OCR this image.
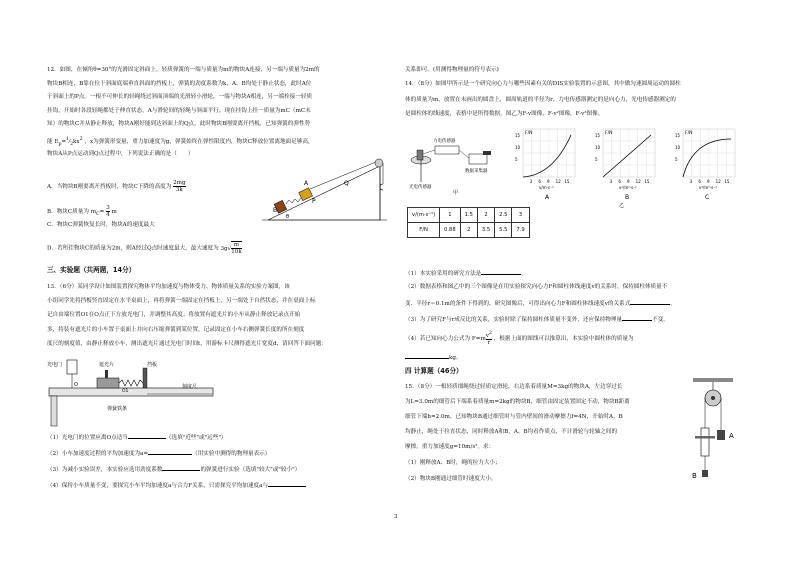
12．如图，在倾角θ=30°的光滑固定斜面上，轻质弹簧的一端与质量为m的物块A连接，另一端与质量为2m的

物块B相连，B靠在位于斜面底端垂直斜面的挡板上，弹簧的劲度系数为k，A、B均处于静止状态，此时A位

于斜面上的P点。一根不可伸长的轻绳绕过斜面顶端的光滑轻小滑轮，一端与物块A相连，另一端拴接一轻质

挂钩，开始时各段轻绳都处于伸直状态，A与滑轮间的轻绳与斜面平行，现在挂钩上挂一质量为mC（mC未

知）的物块C并从静止释放，物块A刚好能到达斜面上的Q点，此时物块B刚要离开挡板，已知弹簧的弹性势

能 $E_p=^1⁄_2kx^2$ ，x为弹簧形变量，重力加速度为g，弹簧始终在弹性限度内，物块C释放位置离地面足够高，

物块A从P点运动到Q点过程中，下列说法正确的是（　　）

A．当物块B刚要离开挡板时，物块C下降的高度为 $\frac{2mg}{3k}$

B．物块C质量为 $m_C= \frac{3}{4}$ m

C．物块C弹簧恢复长时，物块A的速度最大

D．若所挂物块C的质量为2m，则A经过Q点时速度最大，最大速度为 $3g√ \frac{m}{10k}$

A
P
B
Q
θ

三、实验题（共两题，14分）

13．（6分）某同学设计如图装置探究物体平均加速度与物体受力、物体质量关系的实验方案图，该

小组同学先将挡板竖直固定在水平桌面上，再将弹簧一端固定在挡板上，另一端处于自然状态，并在桌面上标

记自由端位置O1在O点正下方放光电门，并调整其高度；将放置有遮光片的小车从静止释放记录点开始

多，将装有遮光片的小车置于桌面上并向右压缩弹簧到某位置，记录固定在小车右侧弹簧长度的所在刻度

度尺的刻度值，由静止释放小车，测出遮光片通过光电门时间t，用游标卡尺测得遮光片宽度d，请回答下面问题：

光电门	遮光片	挡板
刻度尺
弹簧铁条
O
O1

（1）光电门的位置应离O点适当	（选填"近些"或"远些"）

（2）小车加速度过程的平均加速度为a=	（用实验中测得的物理量表示）

（3）为减小实验误差，本实验应选用劲度系数	的弹簧进行实验（选填"较大"或"较小"）

（4）保持小车质量不变，要探究小车平均加速度a与合力F关系，只需探究平均加速度a与

关系即可。(用测得物理量的符号表示)

14．（8分）如图甲所示是一个研究向心力与哪些因素有关的DIS实验装置的示意图，其中做匀速圆周运动的圆柱

体的质量为m，放置在未画出的圆盘上，圆周轨道的半径为r，力电传感器测定的是向心力，光电传感器测定的

是圆柱体的线速度，表格中是所得数据，图乙为F-v图像，F-v²图像，F-v³图像。

力电传感器
光电传感器
数据采集器
甲
F/N
15
10
5
3 6 9 12 15
v/m·s⁻¹
A
F/N
15
10
5
3 6 9 12 15
v²/m²·s⁻²
B
F/N
15
10
5
3 6 9 12 15
v³/m³·s⁻³
C
乙
v/(m·s⁻¹)	1	1.5	2	2.5	3
F/N	0.88	2	3.5	5.5	7.9

（1）本实验采用的研究方法是	。

（2）数据表格和图乙中的三个图像是在用实验探究向心力F和圆柱体线速度v的关系时，保持圆柱体质量不

变、半径r＝0.1m的条件下得到的，研究图像后，可得出向心力F和圆柱体线速度v的关系式	。

（3）为了研究F与r成反比的关系，实验时除了保持圆柱体质量不变外，还应保持物理量	不变。

（4）若已知向心力公式为 $F=m \frac{v^2}{r}$ ，根据上面的图线可以推算出，本实验中圆柱体的质量为

kg。

四 计算题（46分）

15．（8分）一根轻质细绳绕过轻质定滑轮，右边系着质量M=3kg的物块A，左边穿过长

为L=3.0m的细管后下端系着质量m=2kg的物块B，细管由固定装置固定不动，物块B距离

细管下端h=2.0m，已知物块B通过细管时与管内壁间的滑动摩擦力f=4N，开始时A、B

均静止，绳处于拉直状态，同时释放A和B，A、B均看作质点，不计滑轮与轮轴之间的

摩擦，重力加速度g=10m/s²。求：

（1）刚释放A、B时，绳的拉力大小；

（2）物块B刚通过细管时速度大小。

A
B
3
